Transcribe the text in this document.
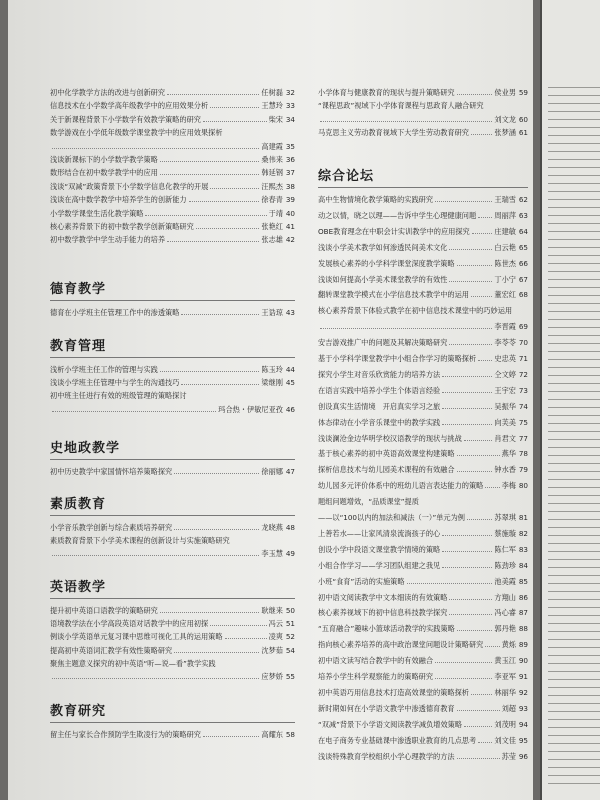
初中化学教学方法的改进与创新研究	任树磊 32
信息技术在小学数学高年级教学中的应用效果分析	王慧玲 33
关于新课程背景下小学数学有效教学策略的研究	柴宋 34
数学游戏在小学低年级数学课堂教学中的应用效果探析
高建霞 35
浅谈新课标下的小学数学教学策略	桑伟来 36
数形结合在初中数学教学中的应用	韩延钢 37
浅谈“双减”政策背景下小学数学信息化教学的开展	汪熙杰 38
浅谈在高中数学教学中培养学生的创新能力	徐春青 39
小学数学课堂生活化教学策略	于靖 40
核心素养背景下的初中数学教学创新策略研究	张艳红 41
初中数学教学中学生动手能力的培养	张志雄 42
德育教学
德育在小学班主任管理工作中的渗透策略	王诰琼 43
教育管理
浅析小学班主任工作的管理与实践	陈玉玲 44
浅谈小学班主任管理中与学生的沟通技巧	梁继刚 45
初中班主任进行有效的班级管理的策略探讨
玛合热・伊敏尼亚孜 46
史地政教学
初中历史教学中家国情怀培养策略探究	徐丽娜 47
素质教育
小学音乐教学创新与综合素质培养研究	龙晓燕 48
素质教育背景下小学美术课程的创新设计与实施策略研究
李玉慧 49
英语教学
提升初中英语口语教学的策略研究	耿继来 50
语境教学法在小学高段英语对话教学中的应用初探	冯云 51
例谈小学英语单元复习课中思维可视化工具的运用策略	凌爽 52
提高初中英语词汇教学有效性策略研究	沈梦茹 54
聚焦主题意义探究的初中英语“听—说—看”教学实践
应梦娇 55
教育研究
留主任与家长合作预防学生欺凌行为的策略研究	高耀东 58
小学体育与健康教育的现状与提升策略研究	侯业男 59
“课程思政”视域下小学体育课程与思政育人融合研究
刘文龙 60
马克思主义劳动教育视域下大学生劳动教育研究	张梦涵 61
综合论坛
高中生物情境化教学策略的实践研究	王瑞雪 62
动之以情，晓之以理——告诉中学生心理健康问题	周丽萍 63
OBE教育理念在中职会计实训教学中的应用探究	庄建敏 64
浅谈小学美术教学如何渗透民间美术文化	白云艳 65
发展核心素养的小学科学课堂深度教学策略	陈世杰 66
浅谈如何提高小学美术课堂教学的有效性	丁小宁 67
翻转课堂教学模式在小学信息技术教学中的运用	董宏红 68
核心素养背景下体验式教学在初中信息技术课堂中的巧妙运用
李晋霞 69
安吉游戏推广中的问题及其解决策略研究	李苓苓 70
基于小学科学课堂教学中小组合作学习的策略探析	史忠英 71
探究小学生对音乐欣赏能力的培养方法	仝文婷 72
在语言实践中培养小学生个体语言经验	王宇宏 73
创设真实生活情境　开启真实学习之旅	吴振华 74
体态律动在小学音乐课堂中的教学实践	向芙美 75
浅谈澜沧金边华明学校汉语教学的现状与挑战	肖君文 77
基于核心素养的初中英语高效课堂构建策略	燕华 78
探析信息技术与幼儿园美术课程的有效融合	钟水香 79
幼儿园多元评价体系中的班幼儿语言表达能力的策略	李梅 80
题组问题增效，“品质课堂”提质
——以“100以内的加法和减法（一）”单元为例	苏翠琪 81
上善若水——让家风清泉流淌孩子的心	蔡施璇 82
创设小学中段语文课堂教学情境的策略	陈仁军 83
小组合作学习——学习团队组建之我见	陈劲珍 84
小班“食育”活动的实施策略	池美霞 85
初中语文阅读教学中文本细读的有效策略	方翔山 86
核心素养视域下的初中信息科技教学探究	冯心睿 87
“五育融合”趣味小篮球活动教学的实践策略	郭丹艳 88
指向核心素养培养的高中政治课堂问题设计策略研究	黄烁 89
初中语文读写结合教学中的有效融合	黄玉江 90
培养小学生科学观察能力的策略研究	李亚军 91
初中英语巧用信息技术打造高效课堂的策略探析	林丽华 92
新时期如何在小学语文教学中渗透德育教育	刘超 93
“双减”背景下小学语文阅读教学减负增效策略	刘茂明 94
在电子商务专业基础课中渗透职业教育的几点思考	刘文佳 95
浅谈特殊教育学校组织小学心理教学的方法	苏莹 96
